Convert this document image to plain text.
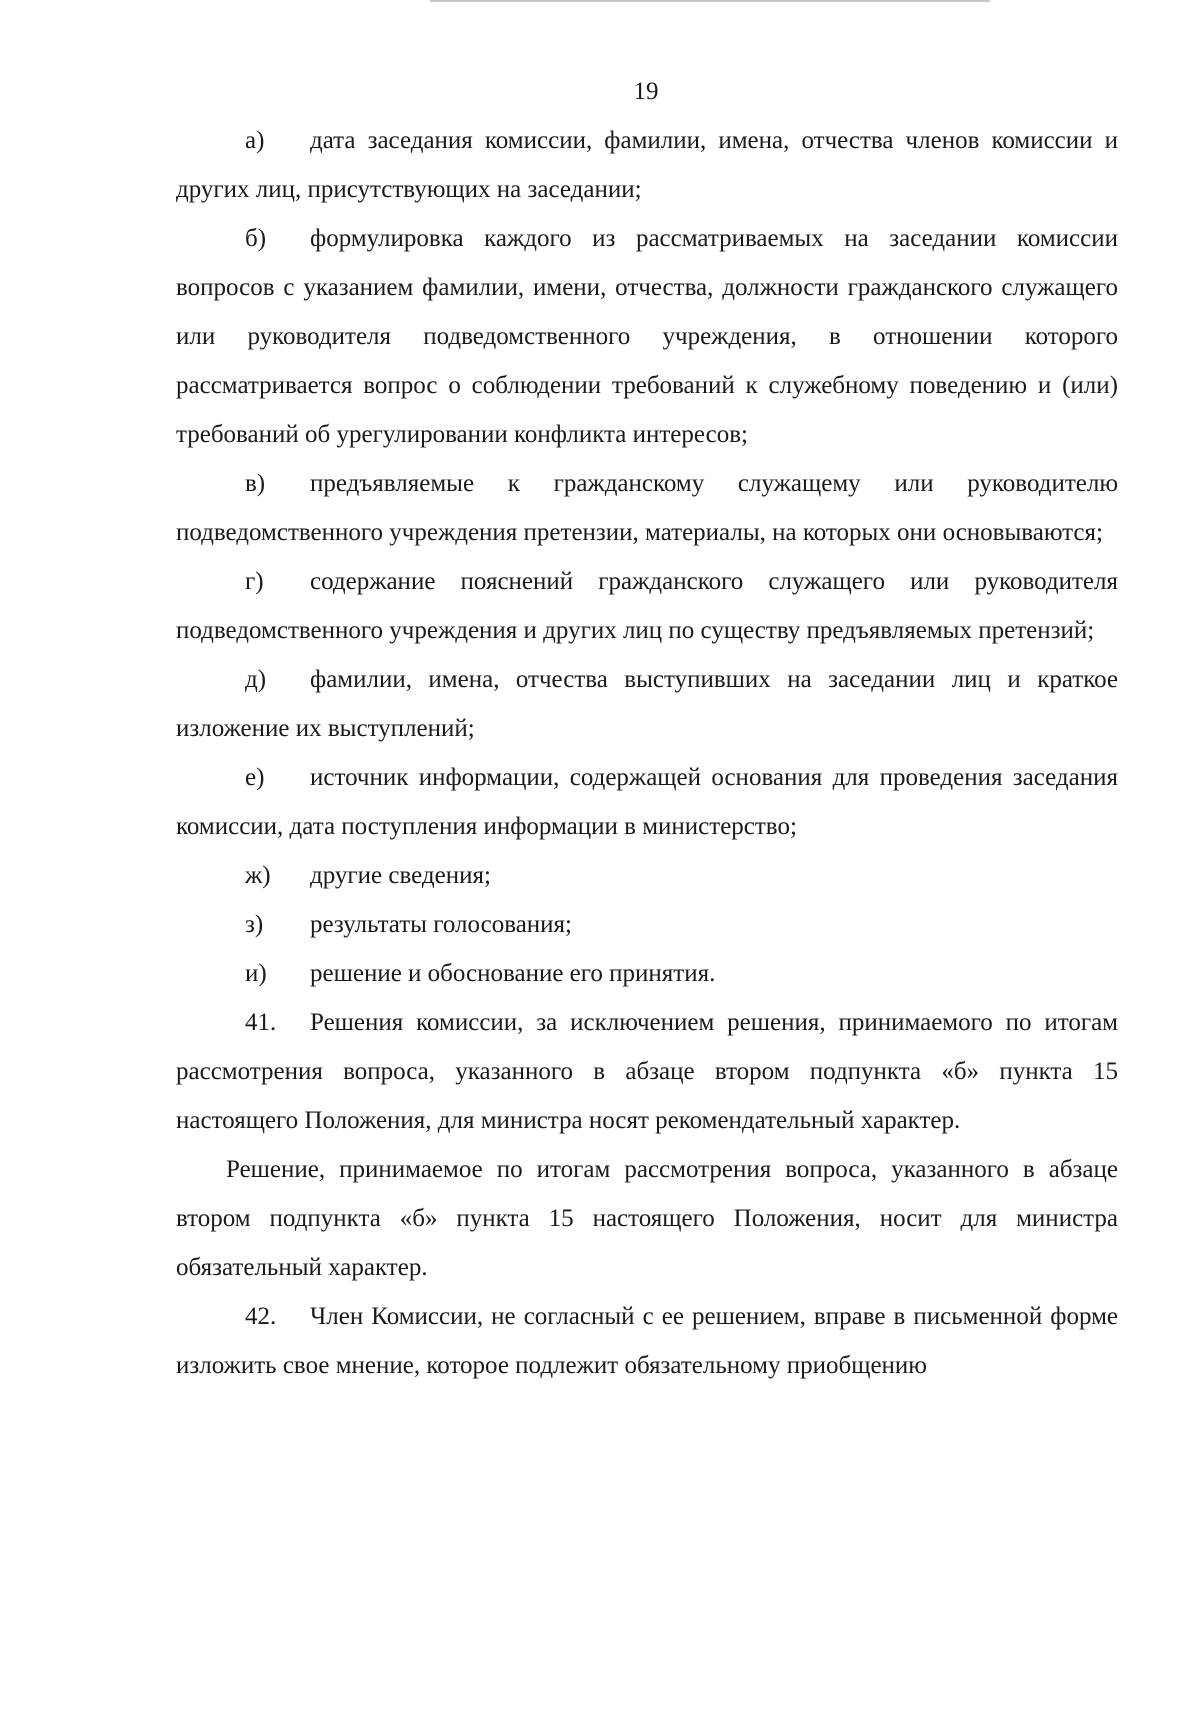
19

а) дата заседания комиссии, фамилии, имена, отчества членов комиссии и других лиц, присутствующих на заседании;

б) формулировка каждого из рассматриваемых на заседании комиссии вопросов с указанием фамилии, имени, отчества, должности гражданского служащего или руководителя подведомственного учреждения, в отношении которого рассматривается вопрос о соблюдении требований к служебному поведению и (или) требований об урегулировании конфликта интересов;

в) предъявляемые к гражданскому служащему или руководителю подведомственного учреждения претензии, материалы, на которых они основываются;

г) содержание пояснений гражданского служащего или руководителя подведомственного учреждения и других лиц по существу предъявляемых претензий;

д) фамилии, имена, отчества выступивших на заседании лиц и краткое изложение их выступлений;

е) источник информации, содержащей основания для проведения заседания комиссии, дата поступления информации в министерство;

ж) другие сведения;

з) результаты голосования;

и) решение и обоснование его принятия.

41. Решения комиссии, за исключением решения, принимаемого по итогам рассмотрения вопроса, указанного в абзаце втором подпункта «б» пункта 15 настоящего Положения, для министра носят рекомендательный характер.

Решение, принимаемое по итогам рассмотрения вопроса, указанного в абзаце втором подпункта «б» пункта 15 настоящего Положения, носит для министра обязательный характер.

42. Член Комиссии, не согласный с ее решением, вправе в письменной форме изложить свое мнение, которое подлежит обязательному приобщению
